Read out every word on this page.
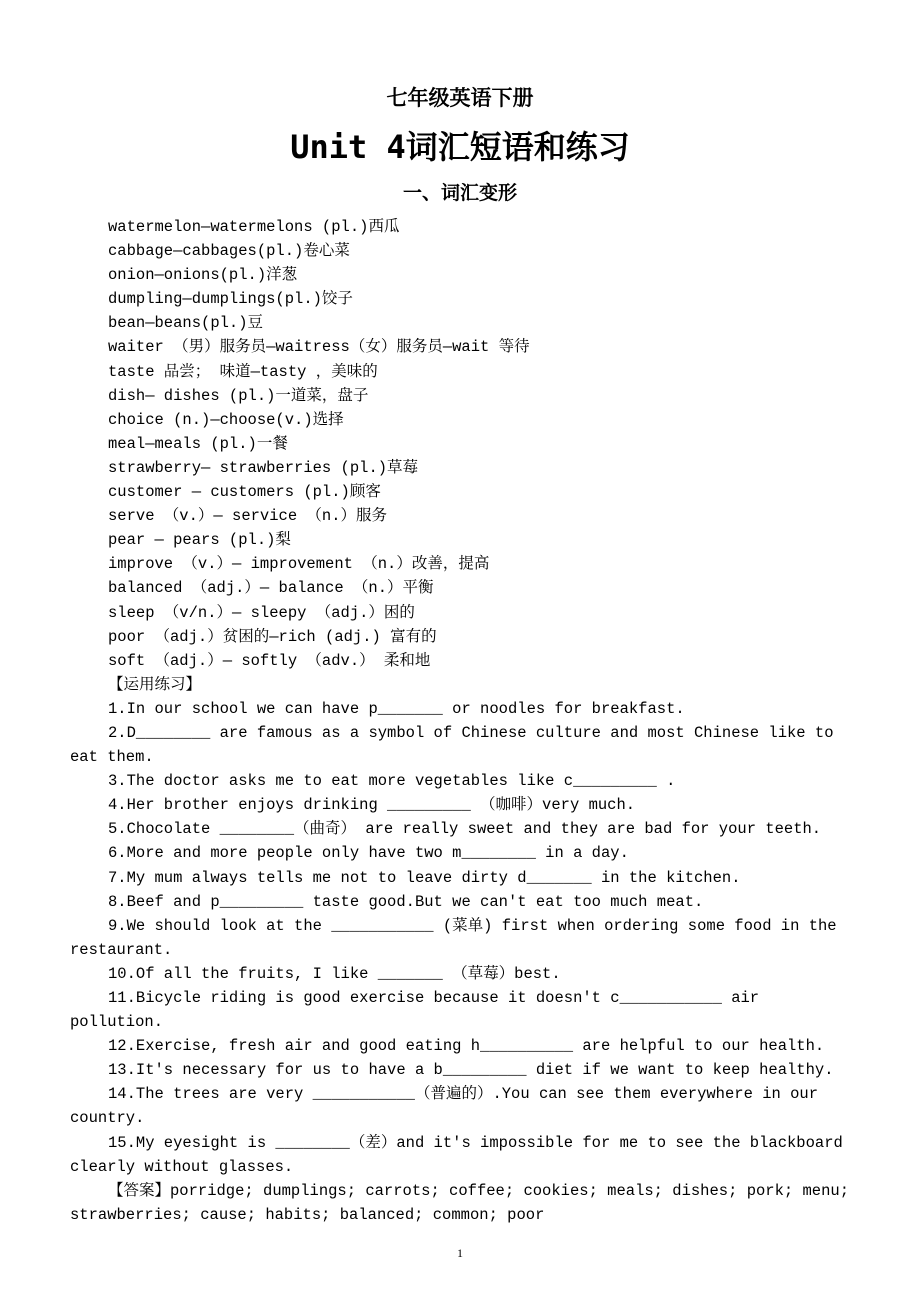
七年级英语下册
Unit 4词汇短语和练习
一、词汇变形
watermelon—watermelons (pl.)西瓜
cabbage—cabbages(pl.)卷心菜
onion—onions(pl.)洋葱
dumpling—dumplings(pl.)饺子
bean—beans(pl.)豆
waiter （男）服务员—waitress（女）服务员—wait 等待
taste 品尝； 味道—tasty ，美味的
dish— dishes (pl.)一道菜，盘子
choice (n.)—choose(v.)选择
meal—meals (pl.)一餐
strawberry— strawberries (pl.)草莓
customer — customers (pl.)顾客
serve （v.）— service （n.）服务
pear — pears (pl.)梨
improve （v.）— improvement （n.）改善，提高
balanced （adj.）— balance （n.）平衡
sleep （v/n.）— sleepy （adj.）困的
poor （adj.）贫困的—rich (adj.) 富有的
soft （adj.）— softly （adv.） 柔和地
【运用练习】
1.In our school we can have p_______ or noodles for breakfast.
2.D________ are famous as a symbol of Chinese culture and most Chinese like to eat them.
3.The doctor asks me to eat more vegetables like c_________ .
4.Her brother enjoys drinking _________ （咖啡）very much.
5.Chocolate ________（曲奇） are really sweet and they are bad for your teeth.
6.More and more people only have two m________ in a day.
7.My mum always tells me not to leave dirty d_______ in the kitchen.
8.Beef and p_________ taste good.But we can't eat too much meat.
9.We should look at the ___________ (菜单) first when ordering some food in the restaurant.
10.Of all the fruits, I like _______ （草莓）best.
11.Bicycle riding is good exercise because it doesn't c___________ air pollution.
12.Exercise, fresh air and good eating h__________ are helpful to our health.
13.It's necessary for us to have a b_________ diet if we want to keep healthy.
14.The trees are very ___________（普遍的）.You can see them everywhere in our country.
15.My eyesight is ________（差）and it's impossible for me to see the blackboard clearly without glasses.
【答案】porridge; dumplings; carrots; coffee; cookies; meals; dishes; pork; menu; strawberries; cause; habits; balanced; common; poor
1
